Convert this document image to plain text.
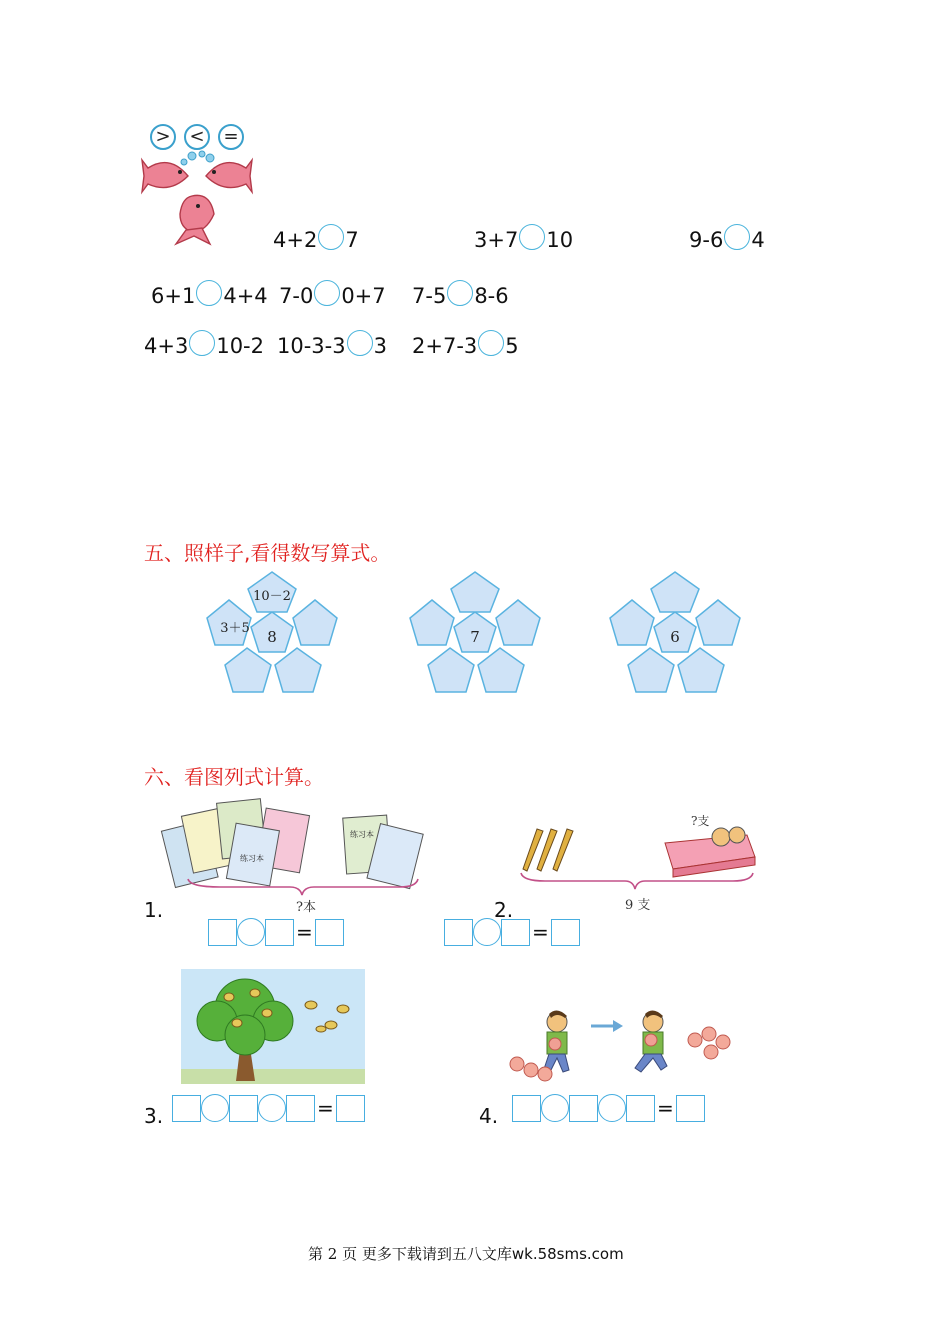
>	<	=
4+2 7	3+7 10	9-6 4
6+1 4+4 7-0 0+7 7-5 8-6
4+3 10-2 10-3-3 3 2+7-3 5
五、照样子,看得数写算式。
8
10－2
3＋5	7	6
六、看图列式计算。
练习本
练习本
?本
1.
=
?支
9 支
2.
=
3.	=	4.	=
第 2 页 更多下载请到五八文库wk.58sms.com
